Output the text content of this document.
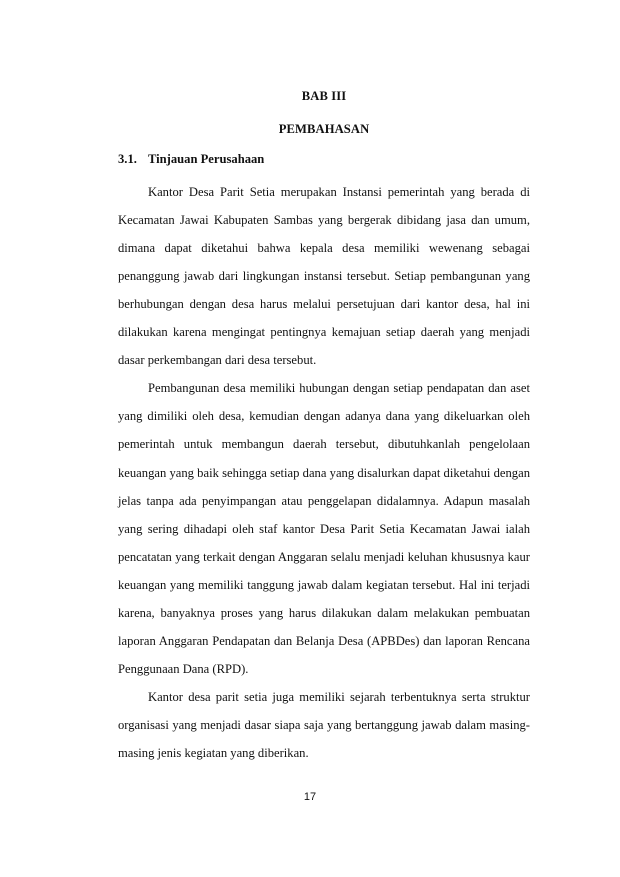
BAB III
PEMBAHASAN
3.1. Tinjauan Perusahaan
Kantor Desa Parit Setia merupakan Instansi pemerintah yang berada di
Kecamatan Jawai Kabupaten Sambas yang bergerak dibidang jasa dan umum,
dimana dapat diketahui bahwa kepala desa memiliki wewenang sebagai
penanggung jawab dari lingkungan instansi tersebut. Setiap pembangunan yang
berhubungan dengan desa harus melalui persetujuan dari kantor desa, hal ini
dilakukan karena mengingat pentingnya kemajuan setiap daerah yang menjadi
dasar perkembangan dari desa tersebut.
Pembangunan desa memiliki hubungan dengan setiap pendapatan dan aset
yang dimiliki oleh desa, kemudian dengan adanya dana yang dikeluarkan oleh
pemerintah untuk membangun daerah tersebut, dibutuhkanlah pengelolaan
keuangan yang baik sehingga setiap dana yang disalurkan dapat diketahui dengan
jelas tanpa ada penyimpangan atau penggelapan didalamnya. Adapun masalah
yang sering dihadapi oleh staf kantor Desa Parit Setia Kecamatan Jawai ialah
pencatatan yang terkait dengan Anggaran selalu menjadi keluhan khususnya kaur
keuangan yang memiliki tanggung jawab dalam kegiatan tersebut. Hal ini terjadi
karena, banyaknya proses yang harus dilakukan dalam melakukan pembuatan
laporan Anggaran Pendapatan dan Belanja Desa (APBDes) dan laporan Rencana
Penggunaan Dana (RPD).
Kantor desa parit setia juga memiliki sejarah terbentuknya serta struktur
organisasi yang menjadi dasar siapa saja yang bertanggung jawab dalam masing-
masing jenis kegiatan yang diberikan.
17
